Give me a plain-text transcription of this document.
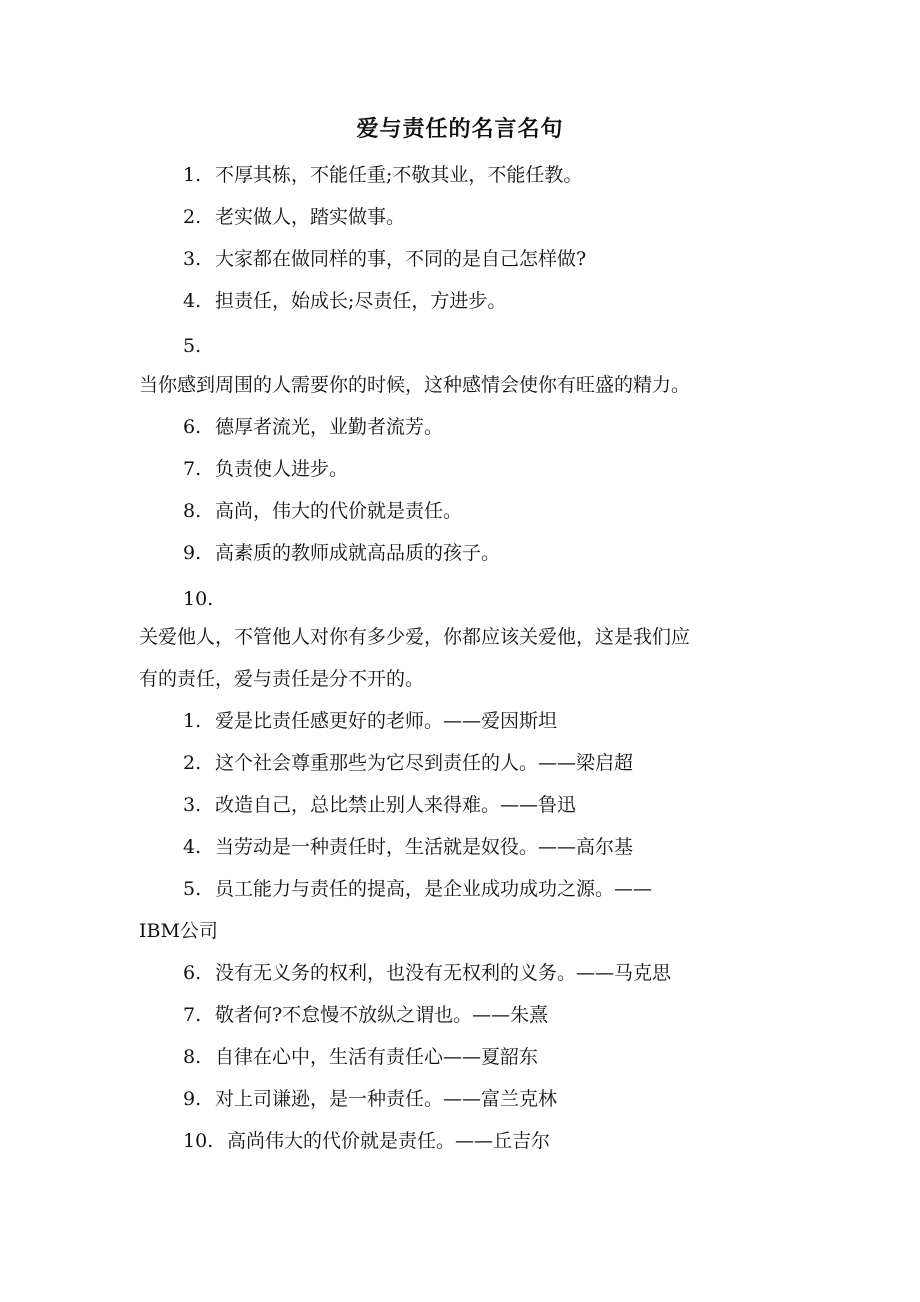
爱与责任的名言名句
1. 不厚其栋，不能任重;不敬其业，不能任教。
2. 老实做人，踏实做事。
3. 大家都在做同样的事，不同的是自己怎样做?
4. 担责任，始成长;尽责任，方进步。
5.
当你感到周围的人需要你的时候，这种感情会使你有旺盛的精力。
6. 德厚者流光，业勤者流芳。
7. 负责使人进步。
8. 高尚，伟大的代价就是责任。
9. 高素质的教师成就高品质的孩子。
10.
关爱他人，不管他人对你有多少爱，你都应该关爱他，这是我们应
有的责任，爱与责任是分不开的。
1. 爱是比责任感更好的老师。——爱因斯坦
2. 这个社会尊重那些为它尽到责任的人。——梁启超
3. 改造自己，总比禁止别人来得难。——鲁迅
4. 当劳动是一种责任时，生活就是奴役。——高尔基
5. 员工能力与责任的提高，是企业成功成功之源。——
IBM公司
6. 没有无义务的权利，也没有无权利的义务。——马克思
7. 敬者何?不怠慢不放纵之谓也。——朱熹
8. 自律在心中，生活有责任心——夏韶东
9. 对上司谦逊，是一种责任。——富兰克林
10. 高尚伟大的代价就是责任。——丘吉尔
